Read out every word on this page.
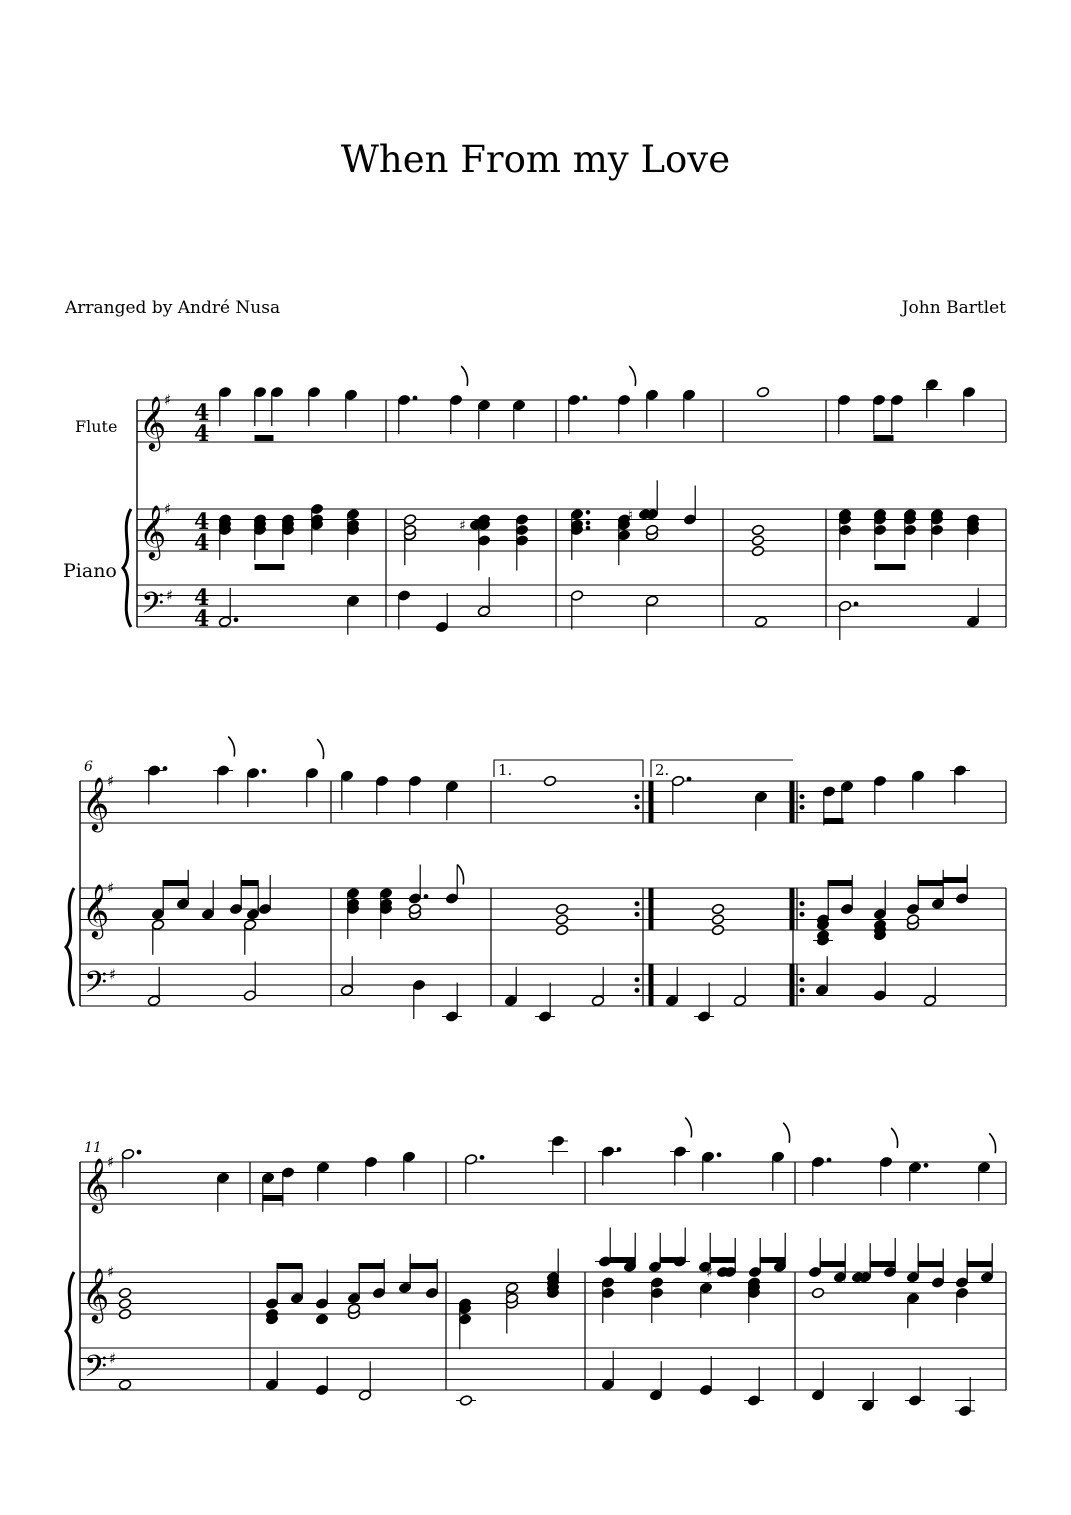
When From my Love
Arranged by André Nusa	John Bartlet
𝄞
𝄞
𝄢
♯
♯
♯
4
4
4
4
4
4
𝄞
𝄞
𝄢
♯
♯
♯
𝄞
𝄞
𝄢
♯
♯
♯
Flute
Piano
6
11
1.	2.
♯
♮
♯	♮
